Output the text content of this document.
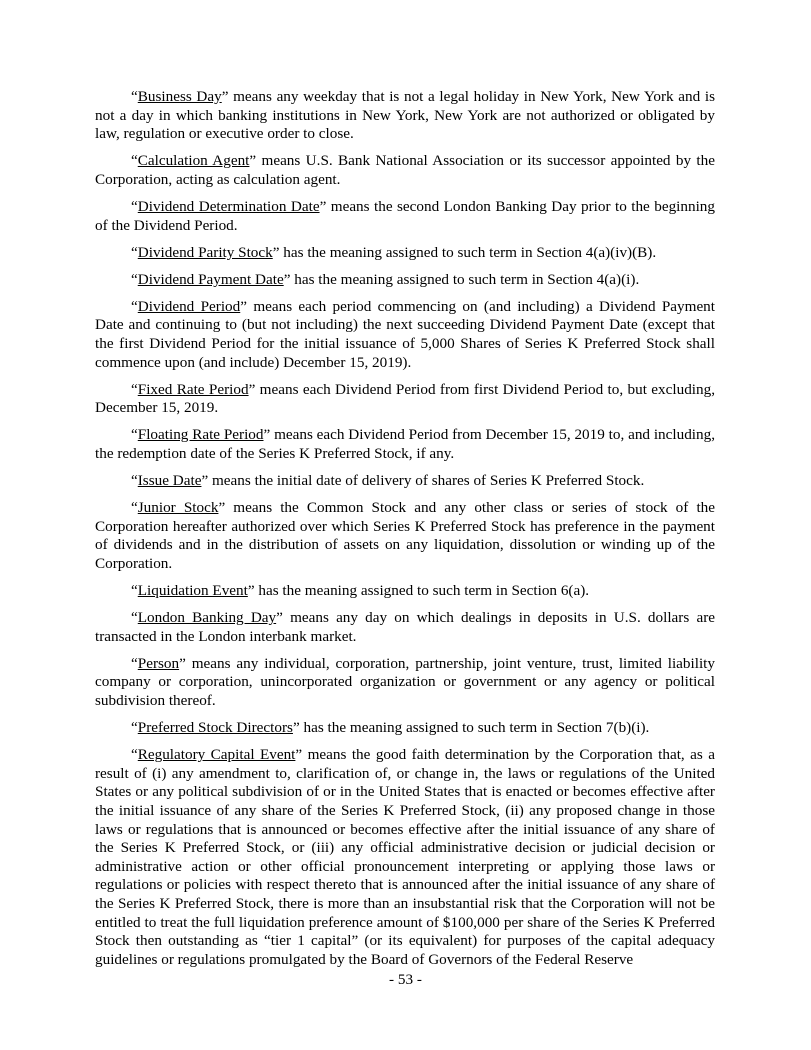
“Business Day” means any weekday that is not a legal holiday in New York, New York and is not a day in which banking institutions in New York, New York are not authorized or obligated by law, regulation or executive order to close.

“Calculation Agent” means U.S. Bank National Association or its successor appointed by the Corporation, acting as calculation agent.

“Dividend Determination Date” means the second London Banking Day prior to the beginning of the Dividend Period.

“Dividend Parity Stock” has the meaning assigned to such term in Section 4(a)(iv)(B).

“Dividend Payment Date” has the meaning assigned to such term in Section 4(a)(i).

“Dividend Period” means each period commencing on (and including) a Dividend Payment Date and continuing to (but not including) the next succeeding Dividend Payment Date (except that the first Dividend Period for the initial issuance of 5,000 Shares of Series K Preferred Stock shall commence upon (and include) December 15, 2019).

“Fixed Rate Period” means each Dividend Period from first Dividend Period to, but excluding, December 15, 2019.

“Floating Rate Period” means each Dividend Period from December 15, 2019 to, and including, the redemption date of the Series K Preferred Stock, if any.

“Issue Date” means the initial date of delivery of shares of Series K Preferred Stock.

“Junior Stock” means the Common Stock and any other class or series of stock of the Corporation hereafter authorized over which Series K Preferred Stock has preference in the payment of dividends and in the distribution of assets on any liquidation, dissolution or winding up of the Corporation.

“Liquidation Event” has the meaning assigned to such term in Section 6(a).

“London Banking Day” means any day on which dealings in deposits in U.S. dollars are transacted in the London interbank market.

“Person” means any individual, corporation, partnership, joint venture, trust, limited liability company or corporation, unincorporated organization or government or any agency or political subdivision thereof.

“Preferred Stock Directors” has the meaning assigned to such term in Section 7(b)(i).

“Regulatory Capital Event” means the good faith determination by the Corporation that, as a result of (i) any amendment to, clarification of, or change in, the laws or regulations of the United States or any political subdivision of or in the United States that is enacted or becomes effective after the initial issuance of any share of the Series K Preferred Stock, (ii) any proposed change in those laws or regulations that is announced or becomes effective after the initial issuance of any share of the Series K Preferred Stock, or (iii) any official administrative decision or judicial decision or administrative action or other official pronouncement interpreting or applying those laws or regulations or policies with respect thereto that is announced after the initial issuance of any share of the Series K Preferred Stock, there is more than an insubstantial risk that the Corporation will not be entitled to treat the full liquidation preference amount of $100,000 per share of the Series K Preferred Stock then outstanding as “tier 1 capital” (or its equivalent) for purposes of the capital adequacy guidelines or regulations promulgated by the Board of Governors of the Federal Reserve

- 53 -
